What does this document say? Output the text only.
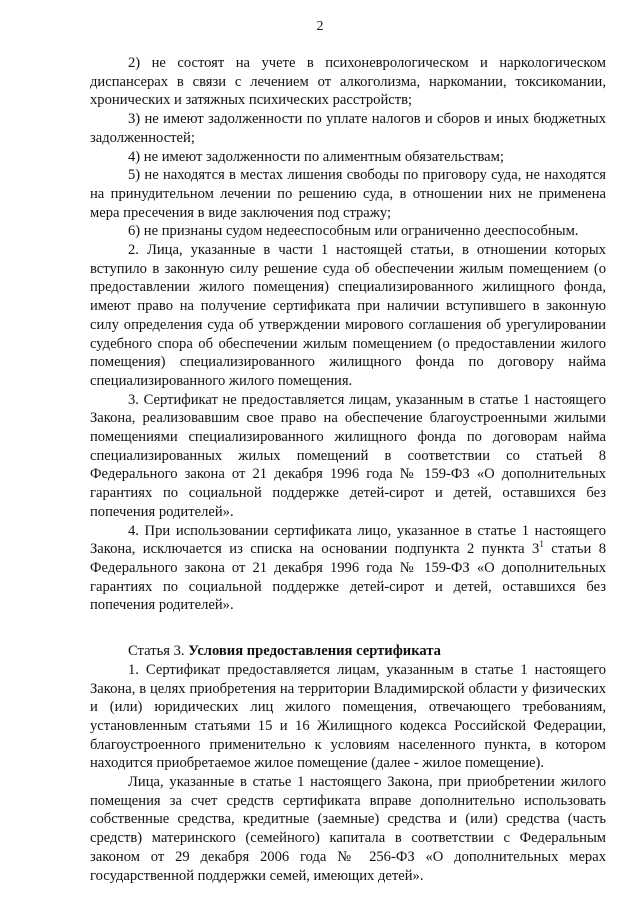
2

2) не состоят на учете в психоневрологическом и наркологическом диспансерах в связи с лечением от алкоголизма, наркомании, токсикомании, хронических и затяжных психических расстройств;

3) не имеют задолженности по уплате налогов и сборов и иных бюджетных задолженностей;

4) не имеют задолженности по алиментным обязательствам;

5) не находятся в местах лишения свободы по приговору суда, не находятся на принудительном лечении по решению суда, в отношении них не применена мера пресечения в виде заключения под стражу;

6) не признаны судом недееспособным или ограниченно дееспособным.

2. Лица, указанные в части 1 настоящей статьи, в отношении которых вступило в законную силу решение суда об обеспечении жилым помещением (о предоставлении жилого помещения) специализированного жилищного фонда, имеют право на получение сертификата при наличии вступившего в законную силу определения суда об утверждении мирового соглашения об урегулировании судебного спора об обеспечении жилым помещением (о предоставлении жилого помещения) специализированного жилищного фонда по договору найма специализированного жилого помещения.

3. Сертификат не предоставляется лицам, указанным в статье 1 настоящего Закона, реализовавшим свое право на обеспечение благоустроенными жилыми помещениями специализированного жилищного фонда по договорам найма специализированных жилых помещений в соответствии со статьей 8 Федерального закона от 21 декабря 1996 года № 159-ФЗ «О дополнительных гарантиях по социальной поддержке детей-сирот и детей, оставшихся без попечения родителей».

4. При использовании сертификата лицо, указанное в статье 1 настоящего Закона, исключается из списка на основании подпункта 2 пункта $3^1$ статьи 8 Федерального закона от 21 декабря 1996 года № 159-ФЗ «О дополнительных гарантиях по социальной поддержке детей-сирот и детей, оставшихся без попечения родителей».

Статья 3. Условия предоставления сертификата

1. Сертификат предоставляется лицам, указанным в статье 1 настоящего Закона, в целях приобретения на территории Владимирской области у физических и (или) юридических лиц жилого помещения, отвечающего требованиям, установленным статьями 15 и 16 Жилищного кодекса Российской Федерации, благоустроенного применительно к условиям населенного пункта, в котором находится приобретаемое жилое помещение (далее - жилое помещение).

Лица, указанные в статье 1 настоящего Закона, при приобретении жилого помещения за счет средств сертификата вправе дополнительно использовать собственные средства, кредитные (заемные) средства и (или) средства (часть средств) материнского (семейного) капитала в соответствии с Федеральным законом от 29 декабря 2006 года № 256-ФЗ «О дополнительных мерах государственной поддержки семей, имеющих детей».
